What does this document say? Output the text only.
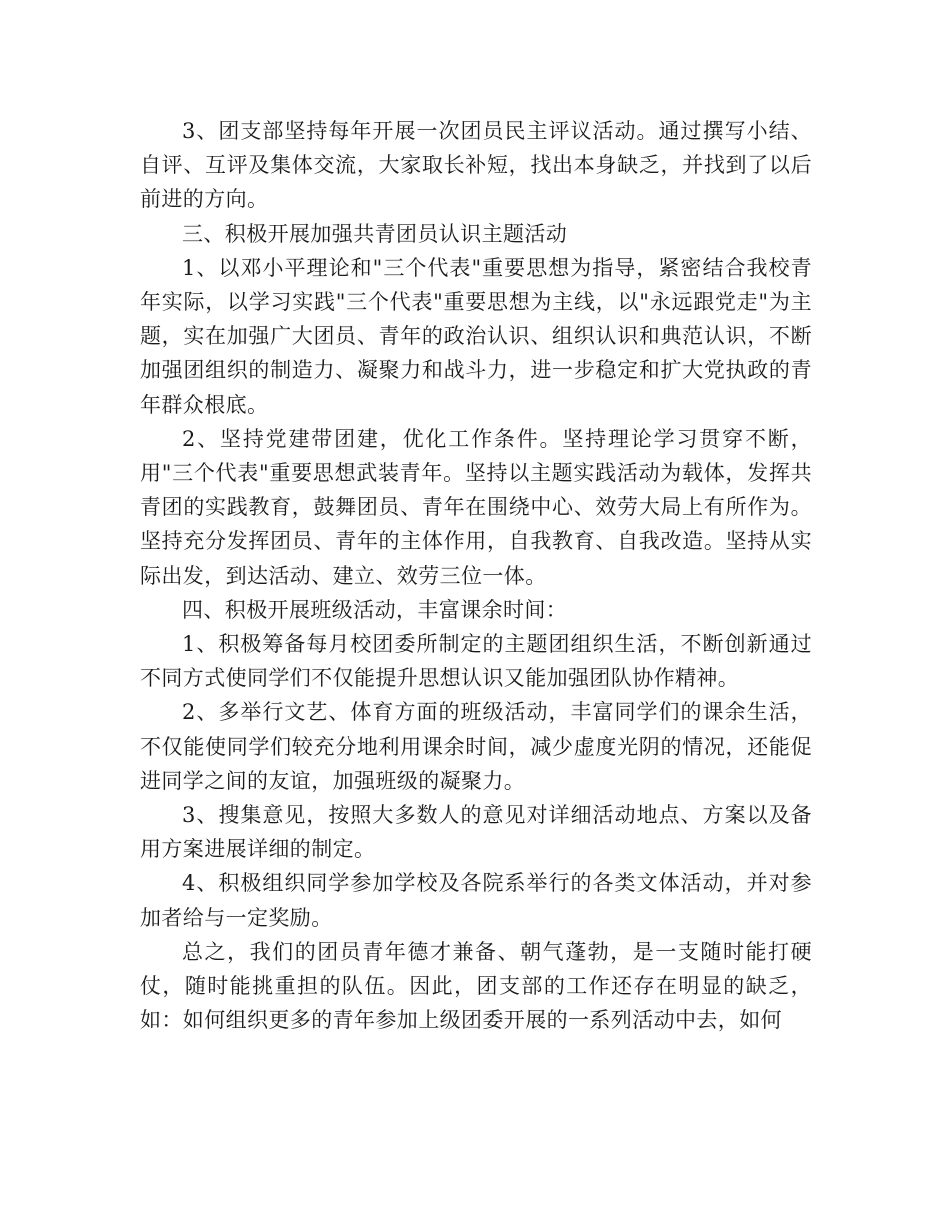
3、团支部坚持每年开展一次团员民主评议活动。通过撰写小结、自评、互评及集体交流，大家取长补短，找出本身缺乏，并找到了以后前进的方向。

三、积极开展加强共青团员认识主题活动

1、以邓小平理论和"三个代表"重要思想为指导，紧密结合我校青年实际，以学习实践"三个代表"重要思想为主线，以"永远跟党走"为主题，实在加强广大团员、青年的政治认识、组织认识和典范认识，不断加强团组织的制造力、凝聚力和战斗力，进一步稳定和扩大党执政的青年群众根底。

2、坚持党建带团建，优化工作条件。坚持理论学习贯穿不断，用"三个代表"重要思想武装青年。坚持以主题实践活动为载体，发挥共青团的实践教育，鼓舞团员、青年在围绕中心、效劳大局上有所作为。坚持充分发挥团员、青年的主体作用，自我教育、自我改造。坚持从实际出发，到达活动、建立、效劳三位一体。

四、积极开展班级活动，丰富课余时间：

1、积极筹备每月校团委所制定的主题团组织生活，不断创新通过不同方式使同学们不仅能提升思想认识又能加强团队协作精神。

2、多举行文艺、体育方面的班级活动，丰富同学们的课余生活，不仅能使同学们较充分地利用课余时间，减少虚度光阴的情况，还能促进同学之间的友谊，加强班级的凝聚力。

3、搜集意见，按照大多数人的意见对详细活动地点、方案以及备用方案进展详细的制定。

4、积极组织同学参加学校及各院系举行的各类文体活动，并对参加者给与一定奖励。

总之，我们的团员青年德才兼备、朝气蓬勃，是一支随时能打硬仗，随时能挑重担的队伍。因此，团支部的工作还存在明显的缺乏，如：如何组织更多的青年参加上级团委开展的一系列活动中去，如何
